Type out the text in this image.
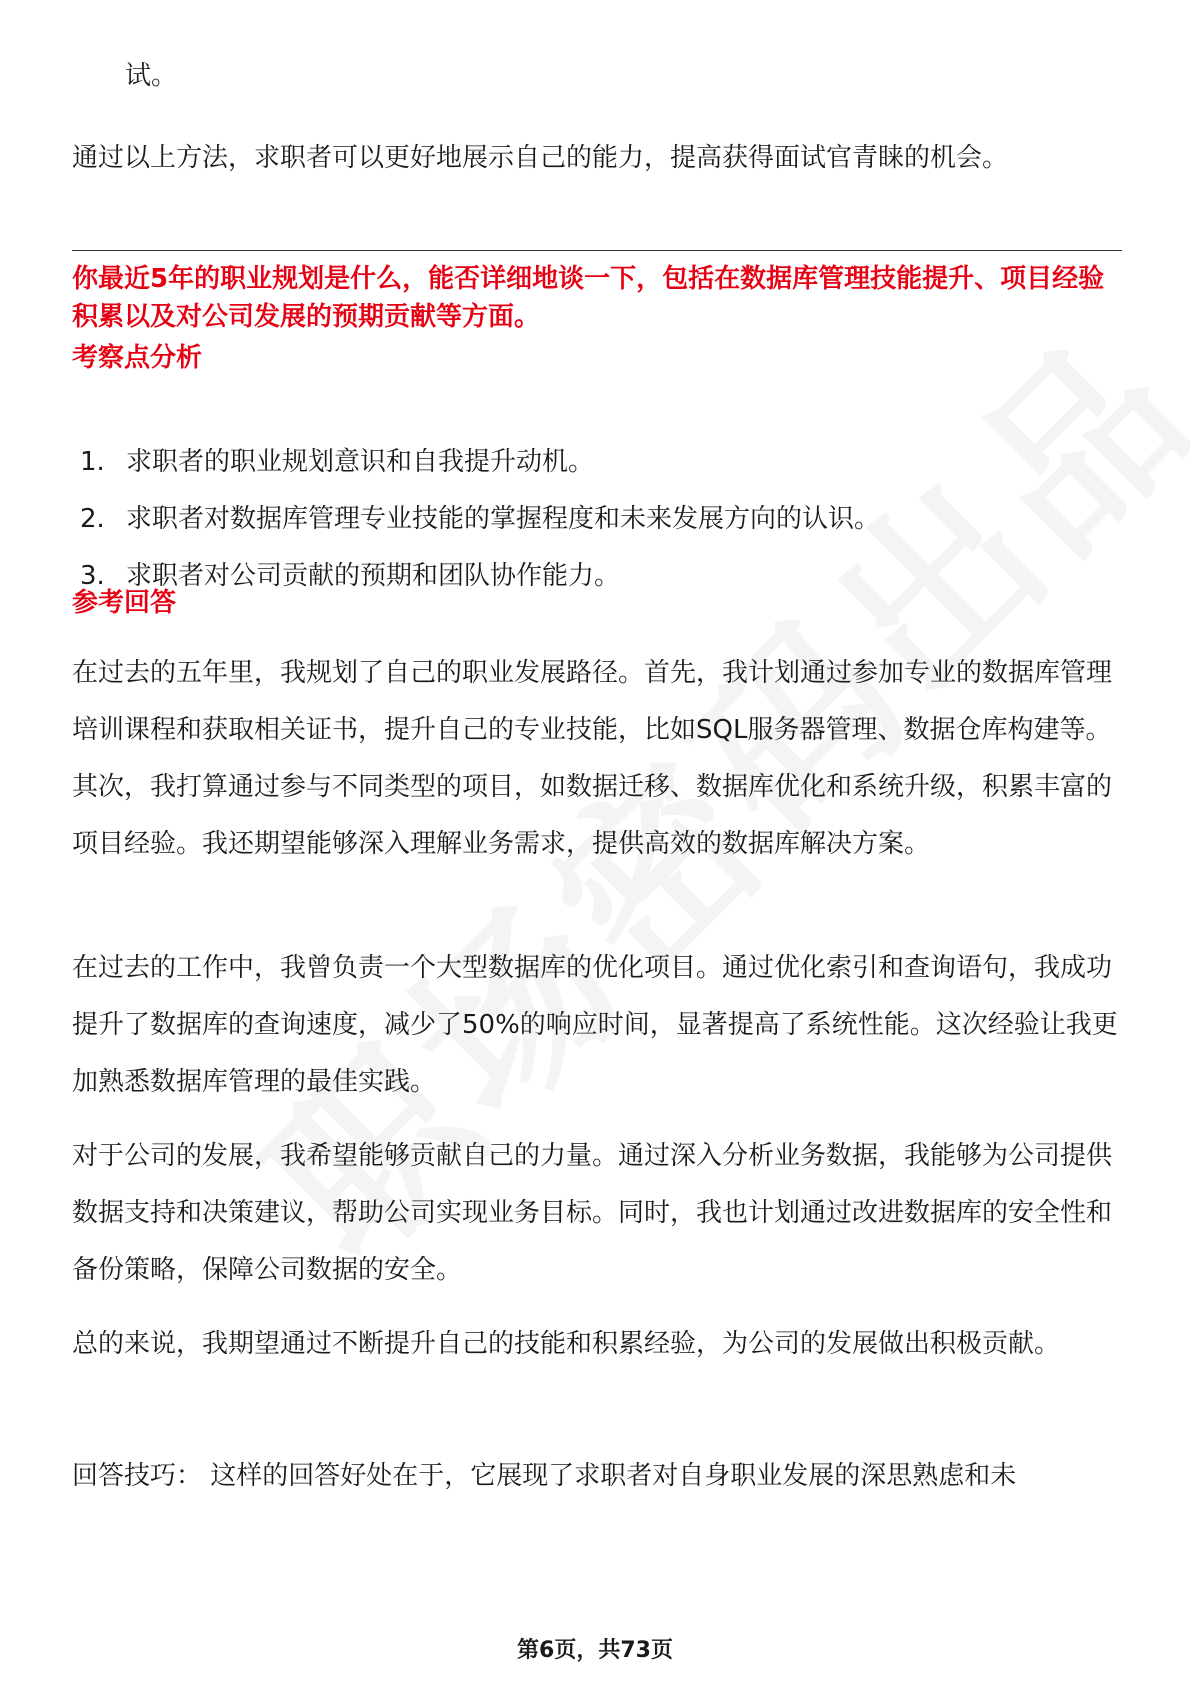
试。

通过以上方法，求职者可以更好地展示自己的能力，提高获得面试官青睐的机会。

你最近5年的职业规划是什么，能否详细地谈一下，包括在数据库管理技能提升、项目经验积累以及对公司发展的预期贡献等方面。

考察点分析

1. 求职者的职业规划意识和自我提升动机。
2. 求职者对数据库管理专业技能的掌握程度和未来发展方向的认识。
3. 求职者对公司贡献的预期和团队协作能力。

参考回答

在过去的五年里，我规划了自己的职业发展路径。首先，我计划通过参加专业的数据库管理培训课程和获取相关证书，提升自己的专业技能，比如SQL服务器管理、数据仓库构建等。其次，我打算通过参与不同类型的项目，如数据迁移、数据库优化和系统升级，积累丰富的项目经验。我还期望能够深入理解业务需求，提供高效的数据库解决方案。

在过去的工作中，我曾负责一个大型数据库的优化项目。通过优化索引和查询语句，我成功提升了数据库的查询速度，减少了50%的响应时间，显著提高了系统性能。这次经验让我更加熟悉数据库管理的最佳实践。

对于公司的发展，我希望能够贡献自己的力量。通过深入分析业务数据，我能够为公司提供数据支持和决策建议，帮助公司实现业务目标。同时，我也计划通过改进数据库的安全性和备份策略，保障公司数据的安全。

总的来说，我期望通过不断提升自己的技能和积累经验，为公司的发展做出积极贡献。

回答技巧： 这样的回答好处在于，它展现了求职者对自身职业发展的深思熟虑和未

第6页，共73页
